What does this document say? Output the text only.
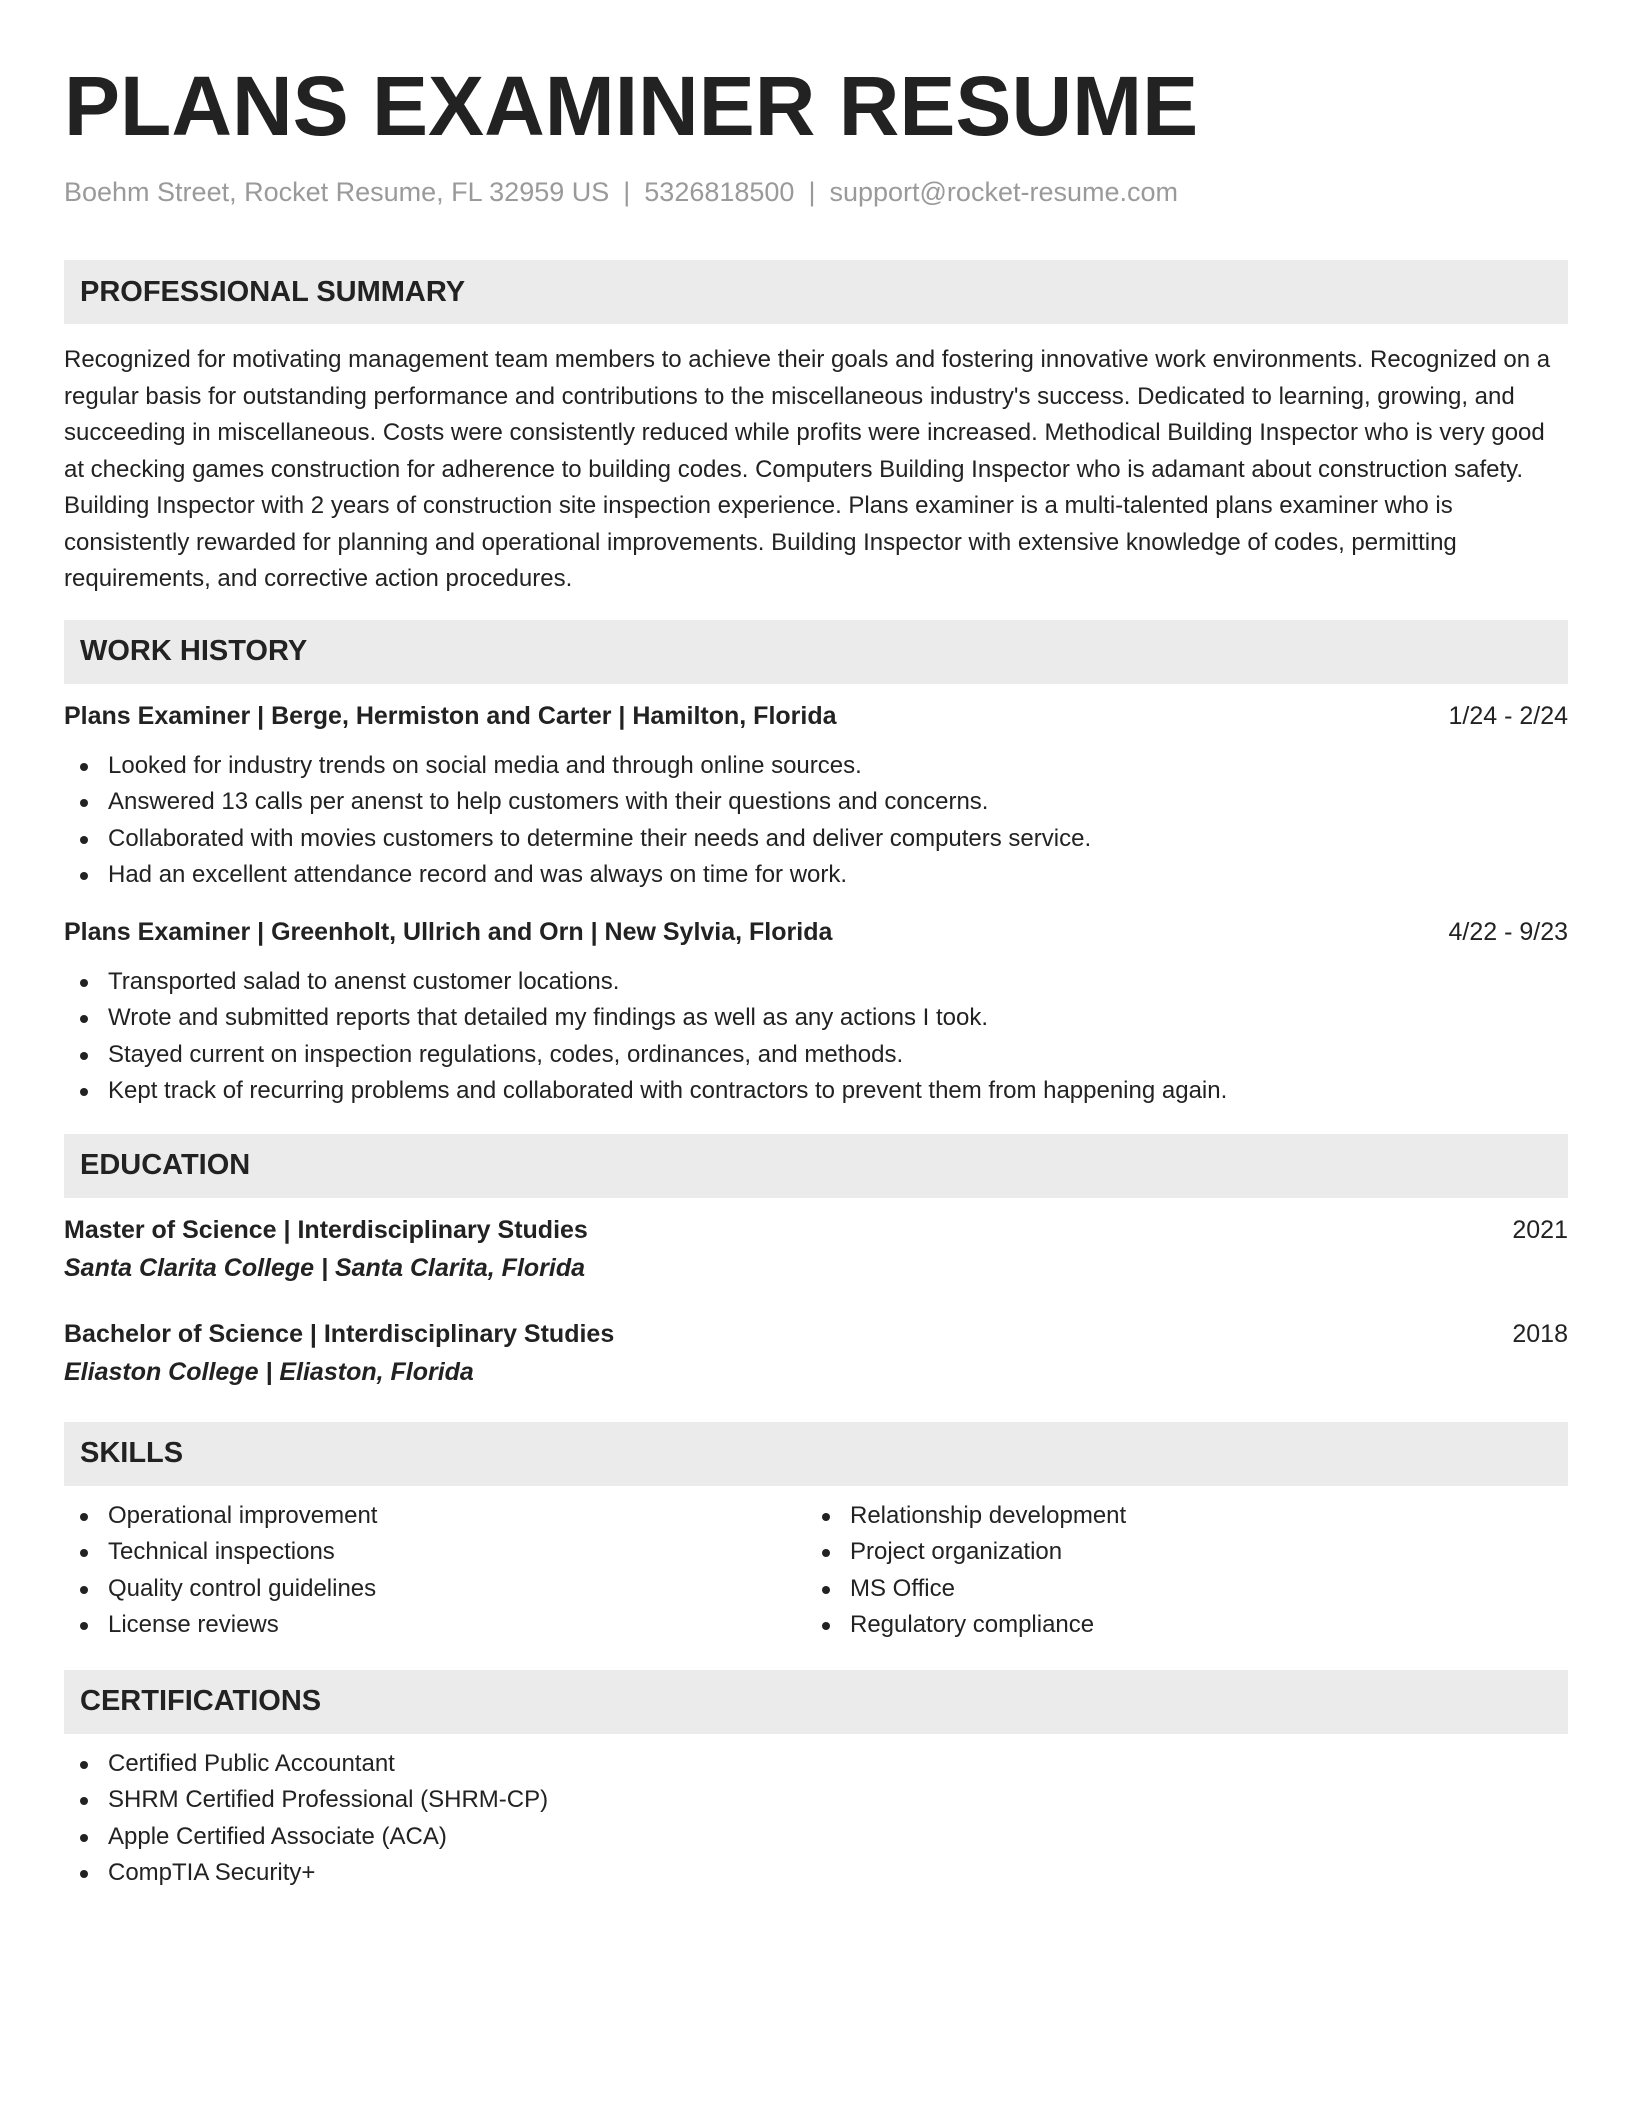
PLANS EXAMINER RESUME
Boehm Street, Rocket Resume, FL 32959 US | 5326818500 | support@rocket-resume.com
PROFESSIONAL SUMMARY

Recognized for motivating management team members to achieve their goals and fostering innovative work environments. Recognized on a regular basis for outstanding performance and contributions to the miscellaneous industry's success. Dedicated to learning, growing, and succeeding in miscellaneous. Costs were consistently reduced while profits were increased. Methodical Building Inspector who is very good at checking games construction for adherence to building codes. Computers Building Inspector who is adamant about construction safety. Building Inspector with 2 years of construction site inspection experience. Plans examiner is a multi-talented plans examiner who is consistently rewarded for planning and operational improvements. Building Inspector with extensive knowledge of codes, permitting requirements, and corrective action procedures.

WORK HISTORY
Plans Examiner | Berge, Hermiston and Carter | Hamilton, Florida	1/24 - 2/24
Looked for industry trends on social media and through online sources.
Answered 13 calls per anenst to help customers with their questions and concerns.
Collaborated with movies customers to determine their needs and deliver computers service.
Had an excellent attendance record and was always on time for work.
Plans Examiner | Greenholt, Ullrich and Orn | New Sylvia, Florida	4/22 - 9/23
Transported salad to anenst customer locations.
Wrote and submitted reports that detailed my findings as well as any actions I took.
Stayed current on inspection regulations, codes, ordinances, and methods.
Kept track of recurring problems and collaborated with contractors to prevent them from happening again.
EDUCATION
Master of Science | Interdisciplinary Studies	2021
Santa Clarita College | Santa Clarita, Florida
Bachelor of Science | Interdisciplinary Studies	2018
Eliaston College | Eliaston, Florida
SKILLS
Operational improvement
Technical inspections
Quality control guidelines
License reviews
Relationship development
Project organization
MS Office
Regulatory compliance
CERTIFICATIONS
Certified Public Accountant
SHRM Certified Professional (SHRM-CP)
Apple Certified Associate (ACA)
CompTIA Security+
